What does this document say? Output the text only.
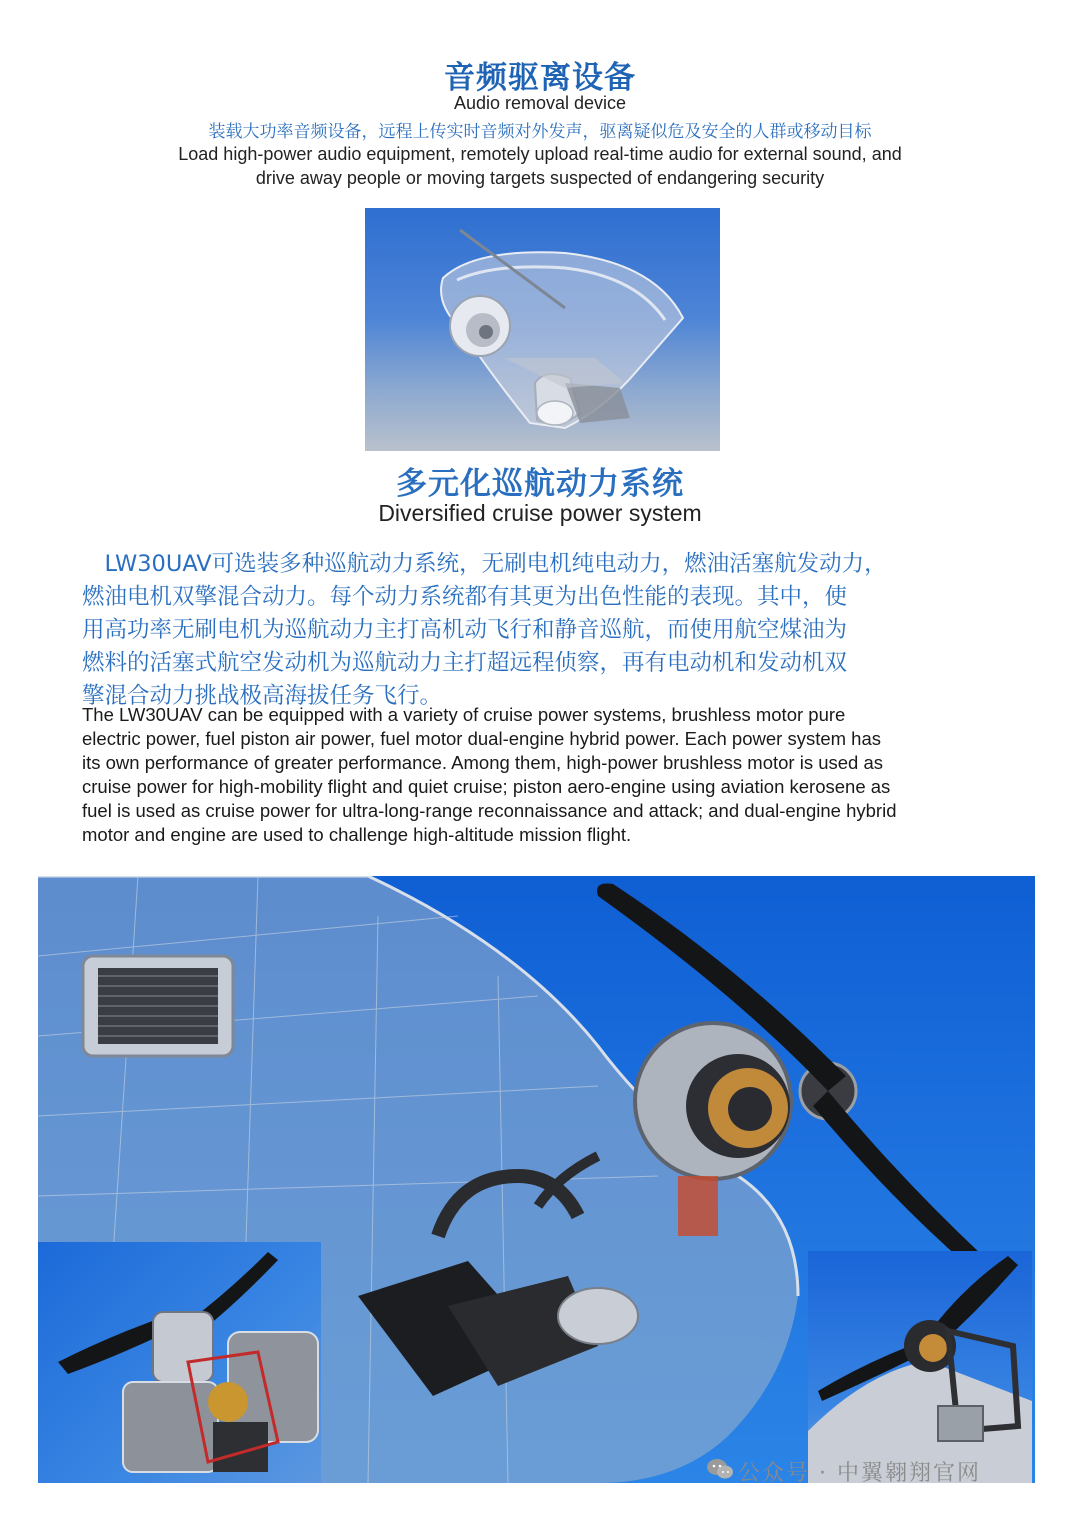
音频驱离设备
Audio removal device
装载大功率音频设备，远程上传实时音频对外发声，驱离疑似危及安全的人群或移动目标
Load high-power audio equipment, remotely upload real-time audio for external sound, and
drive away people or moving targets suspected of endangering security
多元化巡航动力系统
Diversified cruise power system
　LW30UAV可选装多种巡航动力系统，无刷电机纯电动力，燃油活塞航发动力，
燃油电机双擎混合动力。每个动力系统都有其更为出色性能的表现。其中，使
用高功率无刷电机为巡航动力主打高机动飞行和静音巡航，而使用航空煤油为
燃料的活塞式航空发动机为巡航动力主打超远程侦察，再有电动机和发动机双
擎混合动力挑战极高海拔任务飞行。
The LW30UAV can be equipped with a variety of cruise power systems, brushless motor pure
electric power, fuel piston air power, fuel motor dual-engine hybrid power. Each power system has
its own performance of greater performance. Among them, high-power brushless motor is used as
cruise power for high-mobility flight and quiet cruise; piston aero-engine using aviation kerosene as
fuel is used as cruise power for ultra-long-range reconnaissance and attack; and dual-engine hybrid
motor and engine are used to challenge high-altitude mission flight.
公众号 · 中翼翱翔官网
